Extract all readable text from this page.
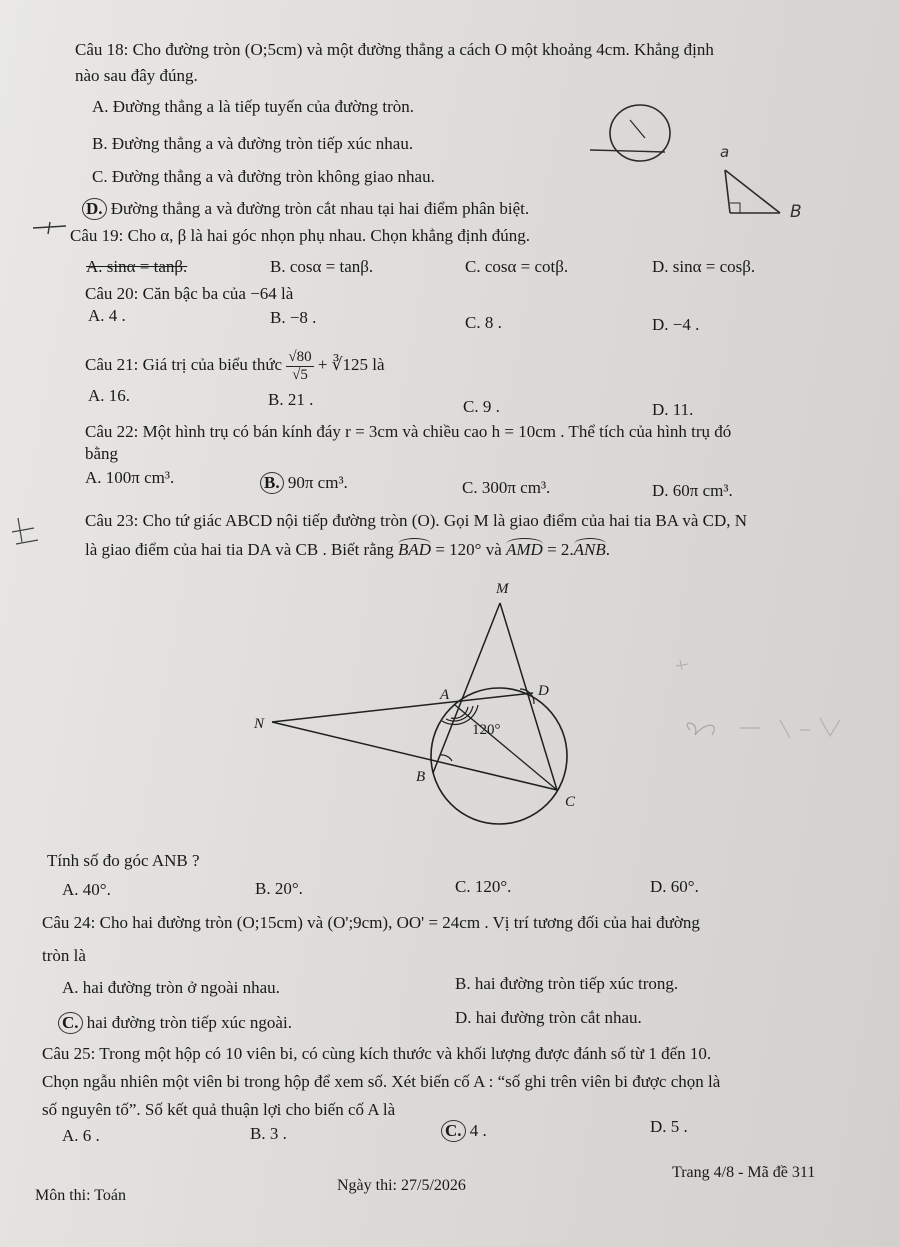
Câu 18: Cho đường tròn (O;5cm) và một đường thẳng a cách O một khoảng 4cm. Khẳng định
nào sau đây đúng.
A. Đường thẳng a là tiếp tuyến của đường tròn.
B. Đường thẳng a và đường tròn tiếp xúc nhau.
C. Đường thẳng a và đường tròn không giao nhau.
D. Đường thẳng a và đường tròn cắt nhau tại hai điểm phân biệt.
a
B
Câu 19: Cho α, β là hai góc nhọn phụ nhau. Chọn khẳng định đúng.
A. sinα = tanβ.	B. cosα = tanβ.	C. cosα = cotβ.	D. sinα = cosβ.
Câu 20: Căn bậc ba của −64 là
A. 4 .	B. −8 .	C. 8 .	D. −4 .
Câu 21: Giá trị của biểu thức $\frac{√80}{√5}$ + ∛125 là
A. 16.	B. 21 .	C. 9 .	D. 11.
Câu 22: Một hình trụ có bán kính đáy r = 3cm và chiều cao h = 10cm . Thể tích của hình trụ đó
bằng
A. 100π cm³.	B. 90π cm³.	C. 300π cm³.	D. 60π cm³.
Câu 23: Cho tứ giác ABCD nội tiếp đường tròn (O). Gọi M là giao điểm của hai tia BA và CD, N
là giao điểm của hai tia DA và CB . Biết rằng BAD = 120° và AMD = 2.ANB.
M
A	D
N	120°
B
C
Tính số đo góc ANB ?
A. 40°.	B. 20°.	C. 120°.	D. 60°.
Câu 24: Cho hai đường tròn (O;15cm) và (O';9cm), OO' = 24cm . Vị trí tương đối của hai đường
tròn là
A. hai đường tròn ở ngoài nhau.	B. hai đường tròn tiếp xúc trong.
C. hai đường tròn tiếp xúc ngoài.	D. hai đường tròn cắt nhau.
Câu 25: Trong một hộp có 10 viên bi, có cùng kích thước và khối lượng được đánh số từ 1 đến 10.
Chọn ngẫu nhiên một viên bi trong hộp để xem số. Xét biến cố A : “số ghi trên viên bi được chọn là
số nguyên tố”. Số kết quả thuận lợi cho biến cố A là
A. 6 .	B. 3 .	C. 4 .	D. 5 .
Môn thi: Toán
Ngày thi: 27/5/2026
Trang 4/8 - Mã đề 311
